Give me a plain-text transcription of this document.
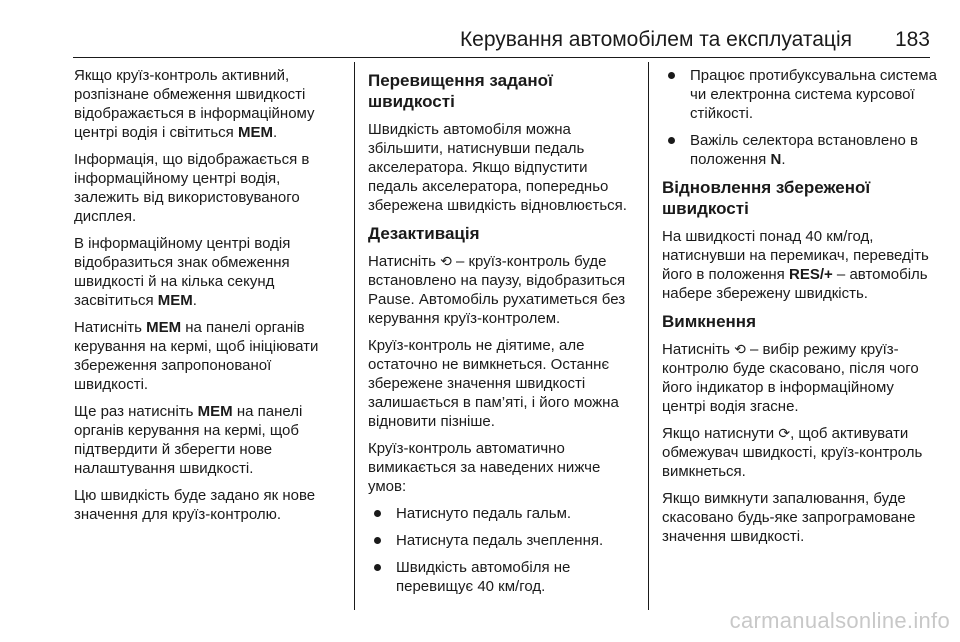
Керування автомобілем та експлуатація 183

Якщо круїз-контроль активний, розпізнане обмеження швидкості відображається в інформаційному центрі водія і світиться MEM.

Інформація, що відображається в інформаційному центрі водія, залежить від використовуваного дисплея.

В інформаційному центрі водія відобразиться знак обмеження швидкості й на кілька секунд засвітиться MEM.

Натисніть MEM на панелі органів керування на кермі, щоб ініціювати збереження запропонованої швидкості.

Ще раз натисніть MEM на панелі органів керування на кермі, щоб підтвердити й зберегти нове налаштування швидкості.

Цю швидкість буде задано як нове значення для круїз-контролю.

Перевищення заданої швидкості

Швидкість автомобіля можна збільшити, натиснувши педаль акселератора. Якщо відпустити педаль акселератора, попередньо збережена швидкість відновлюється.

Дезактивація

Натисніть ⟲ – круїз-контроль буде встановлено на паузу, відобразиться Pause. Автомобіль рухатиметься без керування круїз-контролем.

Круїз-контроль не діятиме, але остаточно не вимкнеться. Останнє збережене значення швидкості залишається в пам’яті, і його можна відновити пізніше.

Круїз-контроль автоматично вимикається за наведених нижче умов:

Натиснуто педаль гальм.
Натиснута педаль зчеплення.
Швидкість автомобіля не перевищує 40 км/год.
Працює протибуксувальна система чи електронна система курсової стійкості.
Важіль селектора встановлено в положення N.
Відновлення збереженої швидкості

На швидкості понад 40 км/год, натиснувши на перемикач, переведіть його в положення RES/+ – автомобіль набере збережену швидкість.

Вимкнення

Натисніть ⟲ – вибір режиму круїз-контролю буде скасовано, після чого його індикатор в інформаційному центрі водія згасне.

Якщо натиснути ⟳, щоб активувати обмежувач швидкості, круїз-контроль вимкнеться.

Якщо вимкнути запалювання, буде скасовано будь-яке запрограмоване значення швидкості.

carmanualsonline.info
